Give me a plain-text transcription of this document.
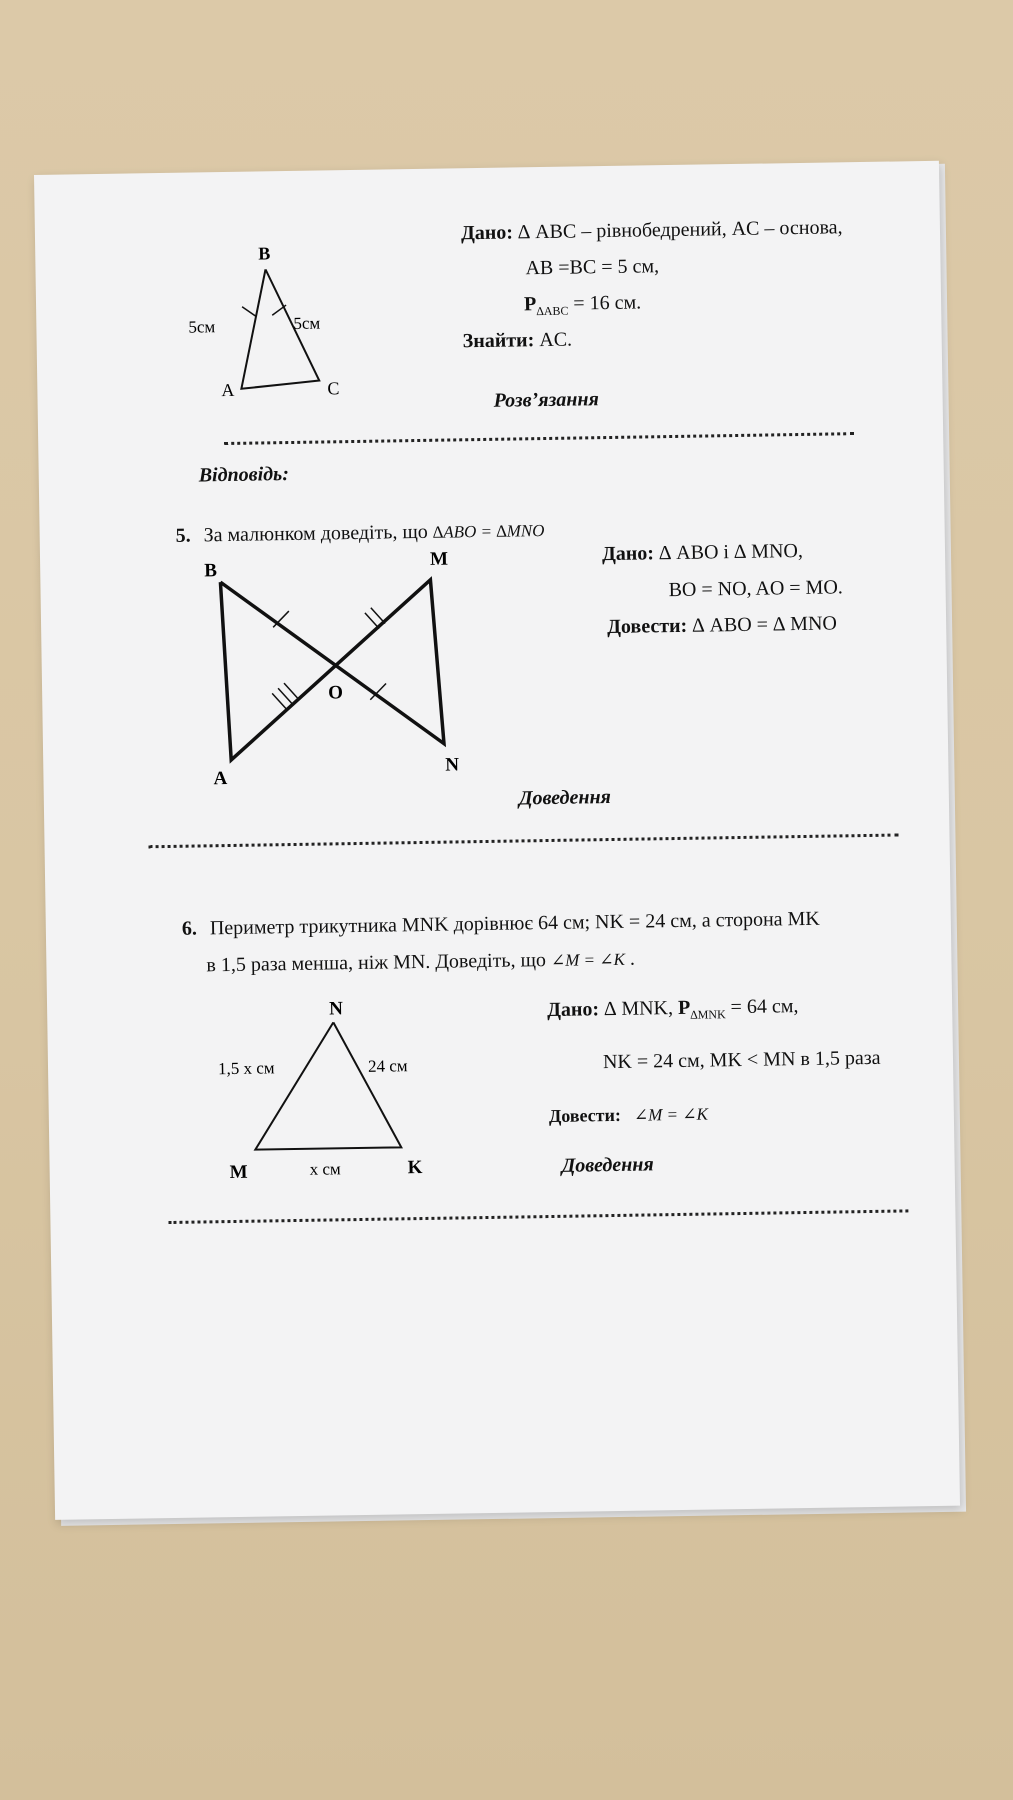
B
A	C
5см	5см
Дано: ∆ ABC – рівнобедрений, AC – основа,
AB =BC = 5 см,
$P_{\Delta ABC} = 16$ см.
Знайти: AC.
Розв’язання
Відповідь:
5. За малюнком доведіть, що ∆ABO = ∆MNO
B
M
O
A
N
Дано: ∆ ABO і ∆ MNO,
BO = NO, AO = MO.
Довести: ∆ ABO = ∆ MNO
Доведення
6. Периметр трикутника MNK дорівнює 64 см; NK = 24 см, а сторона MK
в 1,5 раза менша, ніж MN. Доведіть, що ∠M = ∠K .
N
M	K
1,5 x см	24 см
x см
Дано: ∆ MNK, $P_{\Delta MNK} = 64$ см,
NK = 24 см, MK < MN в 1,5 раза
Довести: ∠M = ∠K
Доведення
